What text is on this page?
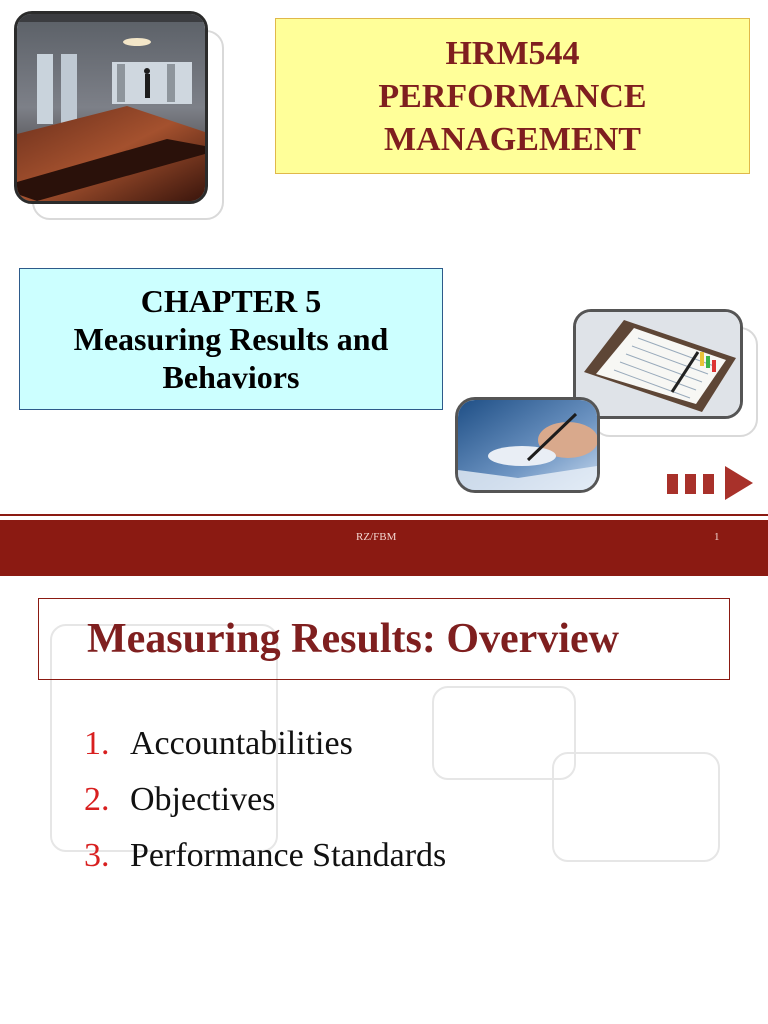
HRM544
PERFORMANCE
MANAGEMENT
CHAPTER 5
Measuring Results and
Behaviors
RZ/FBM	1
Measuring Results: Overview
1. Accountabilities
2. Objectives
3. Performance Standards
